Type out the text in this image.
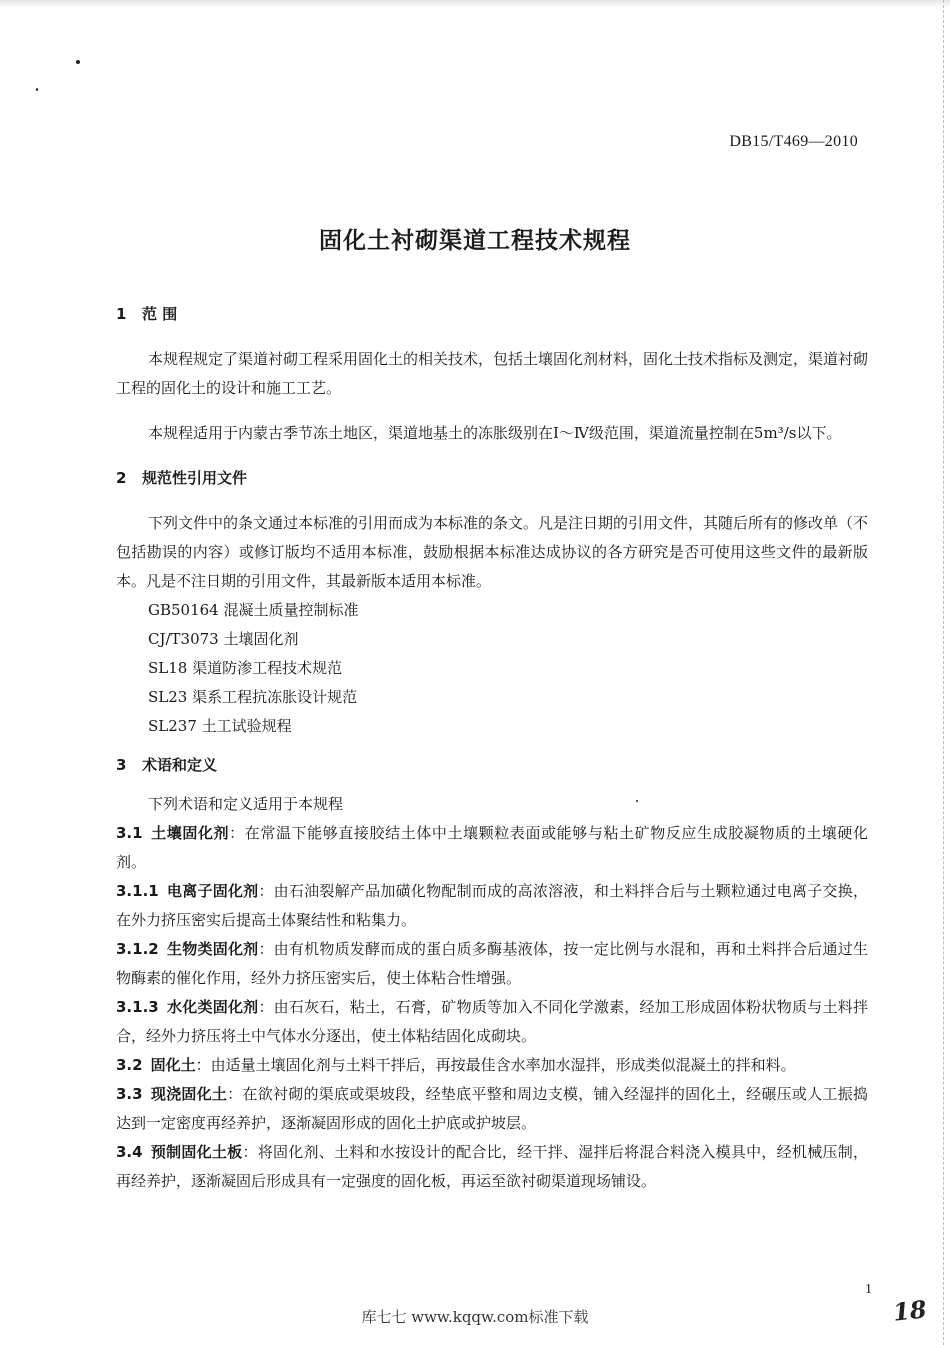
DB15/T469—2010
固化土衬砌渠道工程技术规程
1 范 围

本规程规定了渠道衬砌工程采用固化土的相关技术，包括土壤固化剂材料，固化土技术指标及测定，渠道衬砌工程的固化土的设计和施工工艺。

本规程适用于内蒙古季节冻土地区，渠道地基土的冻胀级别在Ⅰ～Ⅳ级范围，渠道流量控制在5m³/s以下。

2 规范性引用文件

下列文件中的条文通过本标准的引用而成为本标准的条文。凡是注日期的引用文件，其随后所有的修改单（不包括勘误的内容）或修订版均不适用本标准，鼓励根据本标准达成协议的各方研究是否可使用这些文件的最新版本。凡是不注日期的引用文件，其最新版本适用本标准。

GB50164 混凝土质量控制标准

CJ/T3073 土壤固化剂

SL18 渠道防渗工程技术规范

SL23 渠系工程抗冻胀设计规范

SL237 土工试验规程

3 术语和定义

下列术语和定义适用于本规程

3.1 土壤固化剂：在常温下能够直接胶结土体中土壤颗粒表面或能够与粘土矿物反应生成胶凝物质的土壤硬化剂。

3.1.1 电离子固化剂：由石油裂解产品加磺化物配制而成的高浓溶液，和土料拌合后与土颗粒通过电离子交换，在外力挤压密实后提高土体聚结性和粘集力。

3.1.2 生物类固化剂：由有机物质发酵而成的蛋白质多酶基液体，按一定比例与水混和，再和土料拌合后通过生物酶素的催化作用，经外力挤压密实后，使土体粘合性增强。

3.1.3 水化类固化剂：由石灰石，粘土，石膏，矿物质等加入不同化学激素，经加工形成固体粉状物质与土料拌合，经外力挤压将土中气体水分逐出，使土体粘结固化成砌块。

3.2 固化土：由适量土壤固化剂与土料干拌后，再按最佳含水率加水湿拌，形成类似混凝土的拌和料。

3.3 现浇固化土：在欲衬砌的渠底或渠坡段，经垫底平整和周边支模，铺入经湿拌的固化土，经碾压或人工振捣达到一定密度再经养护，逐渐凝固形成的固化土护底或护坡层。

3.4 预制固化土板：将固化剂、土料和水按设计的配合比，经干拌、湿拌后将混合料浇入模具中，经机械压制，再经养护，逐渐凝固后形成具有一定强度的固化板，再运至欲衬砌渠道现场铺设。

1
18
库七七 www.kqqw.com标准下载
